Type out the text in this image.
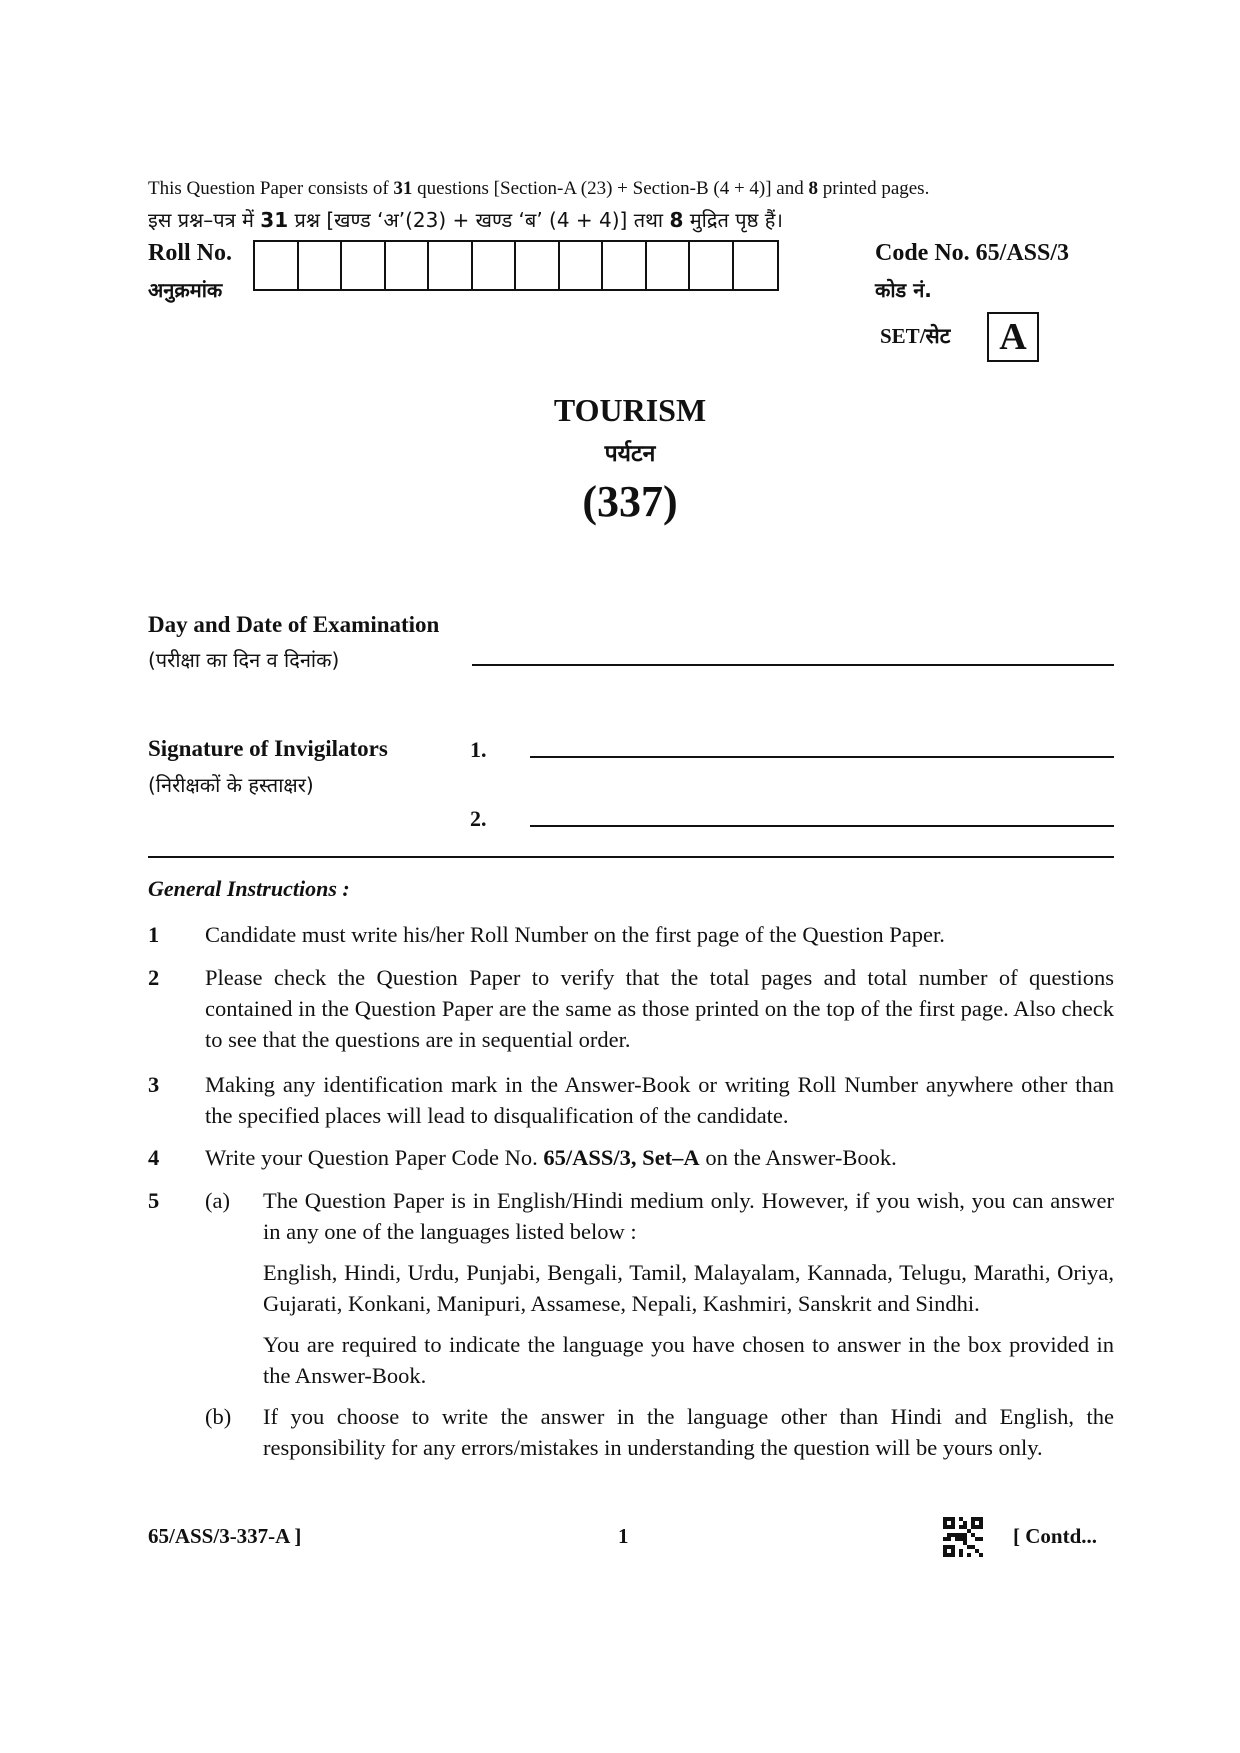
This Question Paper consists of 31 questions [Section-A (23) + Section-B (4 + 4)] and 8 printed pages.
इस प्रश्न–पत्र में 31 प्रश्न [खण्ड ‘अ’(23) + खण्ड ‘ब’ (4 + 4)] तथा 8 मुद्रित पृष्ठ हैं।
Roll No.
अनुक्रमांक
Code No. 65/ASS/3
कोड नं.
SET/सेट	A
TOURISM
पर्यटन
(337)
Day and Date of Examination
(परीक्षा का दिन व दिनांक)
Signature of Invigilators
(निरीक्षकों के हस्ताक्षर)
1.
2.
General Instructions :
1 Candidate must write his/her Roll Number on the first page of the Question Paper.
2 Please check the Question Paper to verify that the total pages and total number of questions contained in the Question Paper are the same as those printed on the top of the first page. Also check to see that the questions are in sequential order.
3 Making any identification mark in the Answer-Book or writing Roll Number anywhere other than the specified places will lead to disqualification of the candidate.
4 Write your Question Paper Code No. 65/ASS/3, Set–A on the Answer-Book.
5 (a) The Question Paper is in English/Hindi medium only. However, if you wish, you can answer in any one of the languages listed below :
English, Hindi, Urdu, Punjabi, Bengali, Tamil, Malayalam, Kannada, Telugu, Marathi, Oriya, Gujarati, Konkani, Manipuri, Assamese, Nepali, Kashmiri, Sanskrit and Sindhi.
You are required to indicate the language you have chosen to answer in the box provided in the Answer-Book.
(b) If you choose to write the answer in the language other than Hindi and English, the responsibility for any errors/mistakes in understanding the question will be yours only.
65/ASS/3-337-A ]	1	[ Contd...
